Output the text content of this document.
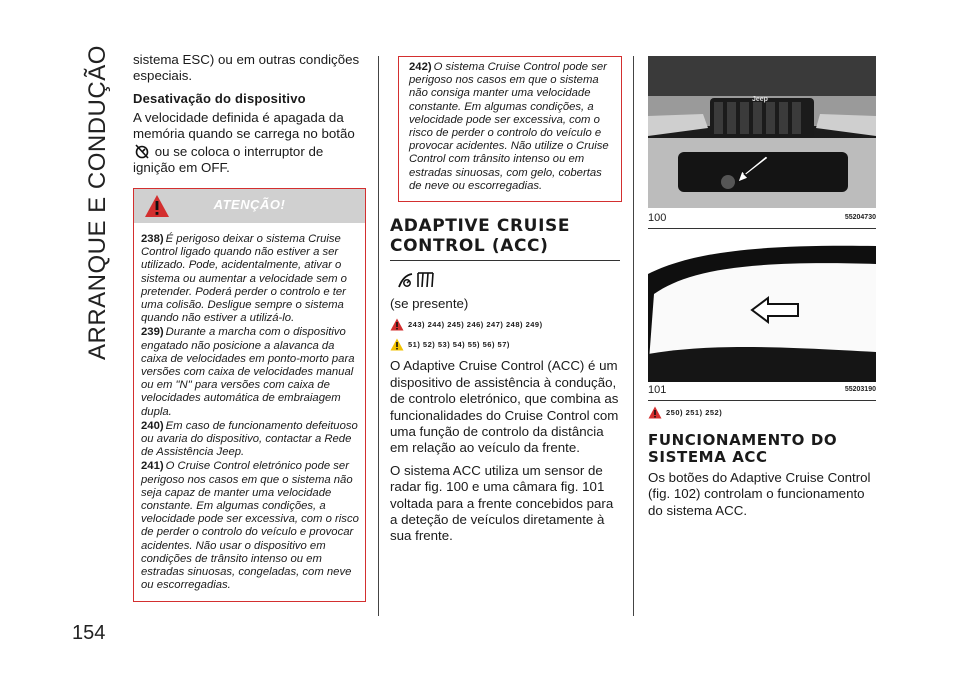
ARRANQUE E CONDUÇÃO
154

sistema ESC) ou em outras condições especiais.

Desativação do dispositivo

A velocidade definida é apagada da memória quando se carrega no botão  ou se coloca o interruptor de ignição em OFF.

ATENÇÃO!

238) É perigoso deixar o sistema Cruise Control ligado quando não estiver a ser utilizado. Pode, acidentalmente, ativar o sistema ou aumentar a velocidade sem o pretender. Poderá perder o controlo e ter uma colisão. Desligue sempre o sistema quando não estiver a utilizá-lo.

239) Durante a marcha com o dispositivo engatado não posicione a alavanca da caixa de velocidades em ponto-morto para versões com caixa de velocidades manual ou em "N" para versões com caixa de velocidades automática de embraiagem dupla.

240) Em caso de funcionamento defeituoso ou avaria do dispositivo, contactar a Rede de Assistência Jeep.

241) O Cruise Control eletrónico pode ser perigoso nos casos em que o sistema não seja capaz de manter uma velocidade constante. Em algumas condições, a velocidade pode ser excessiva, com o risco de perder o controlo do veículo e provocar acidentes. Não usar o dispositivo em condições de trânsito intenso ou em estradas sinuosas, congeladas, com neve ou escorregadias.

242) O sistema Cruise Control pode ser perigoso nos casos em que o sistema não consiga manter uma velocidade constante. Em algumas condições, a velocidade pode ser excessiva, com o risco de perder o controlo do veículo e provocar acidentes. Não utilize o Cruise Control com trânsito intenso ou em estradas sinuosas, com gelo, cobertas de neve ou escorregadias.

ADAPTIVE CRUISE CONTROL (ACC)

(se presente)

243) 244) 245) 246) 247) 248) 249)
51) 52) 53) 54) 55) 56) 57)

O Adaptive Cruise Control (ACC) é um dispositivo de assistência à condução, de controlo eletrónico, que combina as funcionalidades do Cruise Control com uma função de controlo da distância em relação ao veículo da frente.

O sistema ACC utiliza um sensor de radar fig. 100 e uma câmara fig. 101 voltada para a frente concebidos para a deteção de veículos diretamente à sua frente.

Jeep
100	55204730
101	55203190
250) 251) 252)
FUNCIONAMENTO DO SISTEMA ACC

Os botões do Adaptive Cruise Control (fig. 102) controlam o funcionamento do sistema ACC.
